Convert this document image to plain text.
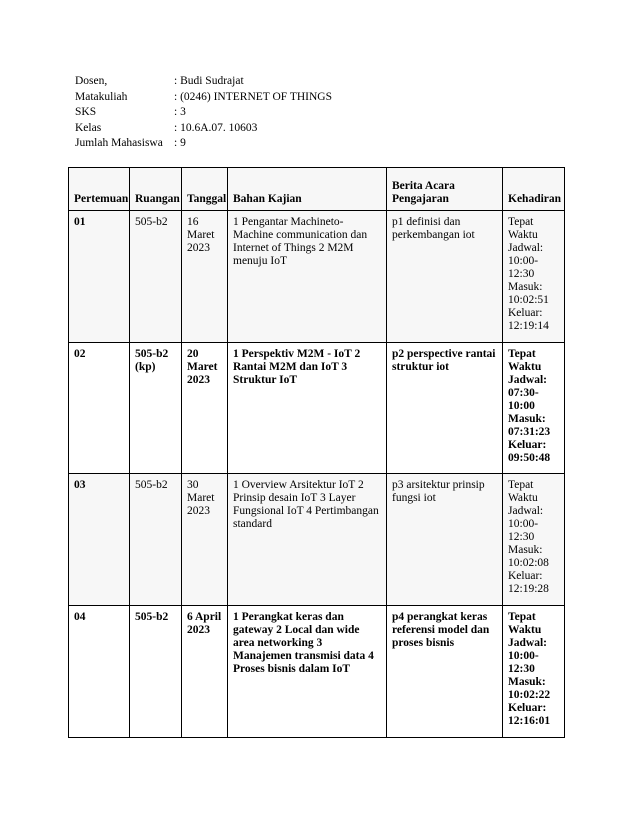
Dosen,	: Budi Sudrajat
Matakuliah	: (0246) INTERNET OF THINGS
SKS	: 3
Kelas	: 10.6A.07. 10603
Jumlah Mahasiswa : 9
Pertemuan	Ruangan	Tanggal	Bahan Kajian	Berita Acara Pengajaran	Kehadiran
01	505-b2	16 Maret 2023	1 Pengantar Machineto-Machine communication dan Internet of Things 2 M2M menuju IoT	p1 definisi dan perkembangan iot	Tepat Waktu
Jadwal: 10:00-12:30
Masuk: 10:02:51
Keluar: 12:19:14

02	505-b2 (kp)	20 Maret 2023	1 Perspektiv M2M - IoT 2 Rantai M2M dan IoT 3 Struktur IoT	p2 perspective rantai struktur iot	Tepat Waktu
Jadwal: 07:30-10:00
Masuk: 07:31:23
Keluar: 09:50:48

03	505-b2	30 Maret 2023	1 Overview Arsitektur IoT 2 Prinsip desain IoT 3 Layer Fungsional IoT 4 Pertimbangan standard	p3 arsitektur prinsip fungsi iot	Tepat Waktu
Jadwal: 10:00-12:30
Masuk: 10:02:08
Keluar: 12:19:28

04	505-b2	6 April 2023	1 Perangkat keras dan gateway 2 Local dan wide area networking 3 Manajemen transmisi data 4 Proses bisnis dalam IoT	p4 perangkat keras referensi model dan proses bisnis	Tepat Waktu
Jadwal: 10:00-12:30
Masuk: 10:02:22
Keluar: 12:16:01
